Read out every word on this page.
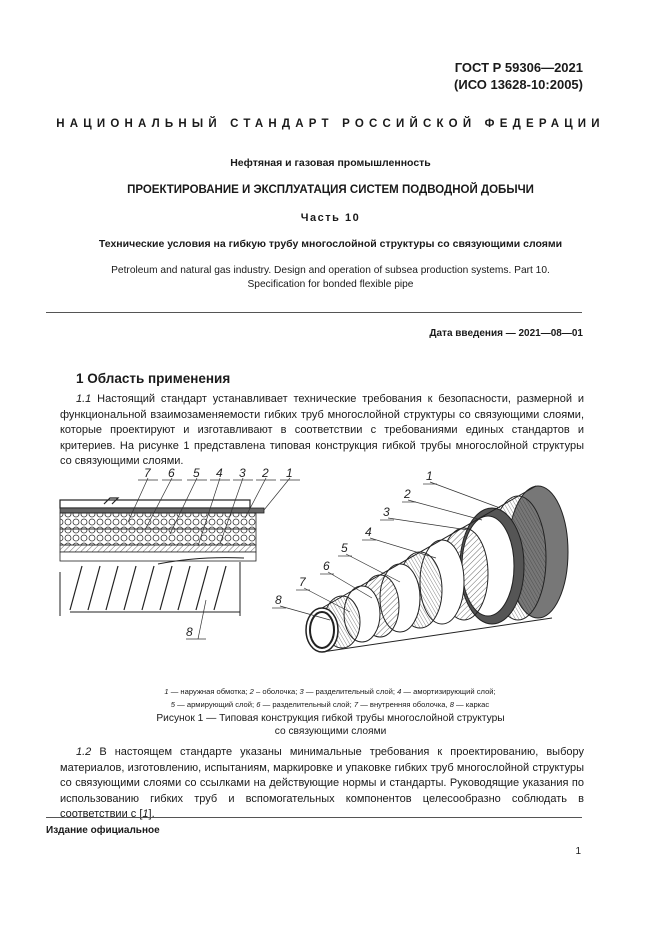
ГОСТ Р 59306—2021
(ИСО 13628-10:2005)
НАЦИОНАЛЬНЫЙ СТАНДАРТ РОССИЙСКОЙ ФЕДЕРАЦИИ
Нефтяная и газовая промышленность
ПРОЕКТИРОВАНИЕ И ЭКСПЛУАТАЦИЯ СИСТЕМ ПОДВОДНОЙ ДОБЫЧИ
Часть 10
Технические условия на гибкую трубу многослойной структуры со связующими слоями
Petroleum and natural gas industry. Design and operation of subsea production systems. Part 10.
Specification for bonded flexible pipe
Дата введения — 2021—08—01
1 Область применения
1.1 Настоящий стандарт устанавливает технические требования к безопасности, размерной и функциональной взаимозаменяемости гибких труб многослойной структуры со связующими слоями, которые проектируют и изготавливают в соответствии с требованиями единых стандартов и критериев. На рисунке 1 представлена типовая конструкция гибкой трубы многослойной структуры со связующими слоями.
7 6 5 4 3 2 1
8
1
2
3
4
5
6
7
8
1 — наружная обмотка; 2 – оболочка; 3 — разделительный слой; 4 — амортизирующий слой;
5 — армирующий слой; 6 — разделительный слой; 7 — внутренняя оболочка, 8 — каркас
Рисунок 1 — Типовая конструкция гибкой трубы многослойной структуры
со связующими слоями
1.2 В настоящем стандарте указаны минимальные требования к проектированию, выбору материалов, изготовлению, испытаниям, маркировке и упаковке гибких труб многослойной структуры со связующими слоями со ссылками на действующие нормы и стандарты. Руководящие указания по использованию гибких труб и вспомогательных компонентов целесообразно соблюдать в соответствии с [1].
Издание официальное
1
